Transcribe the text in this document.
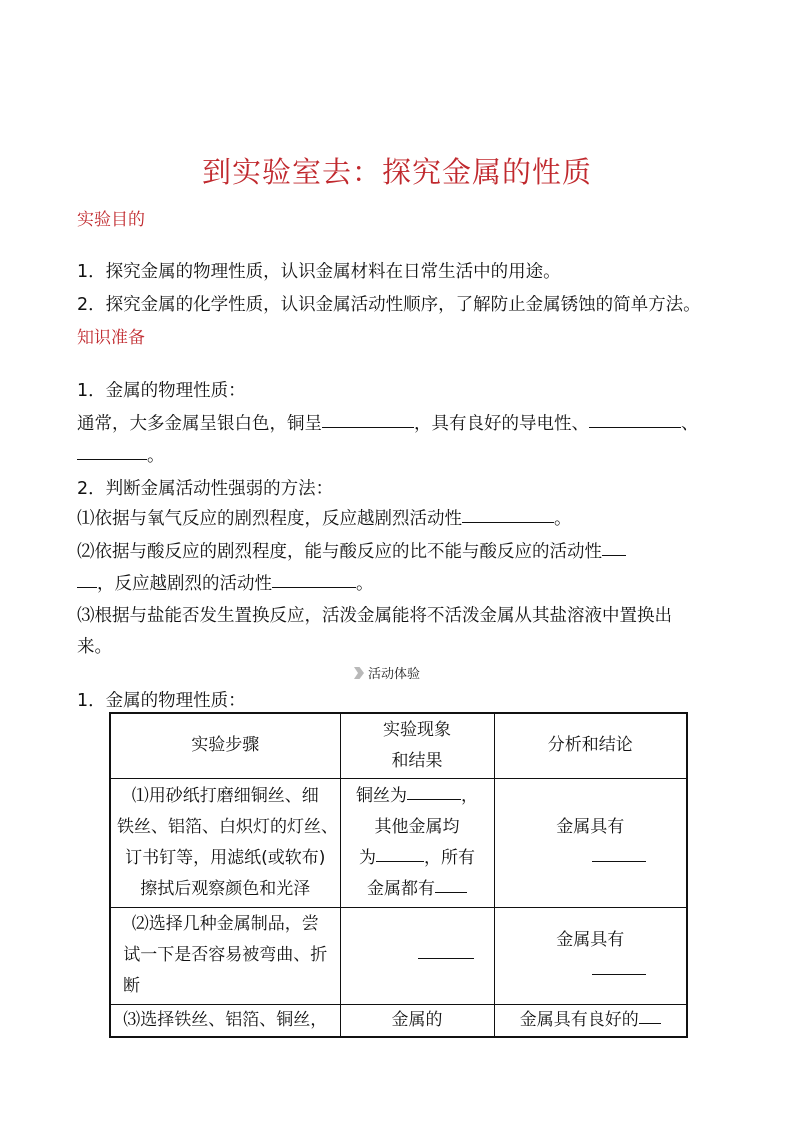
到实验室去：探究金属的性质
实验目的
1．探究金属的物理性质，认识金属材料在日常生活中的用途。
2．探究金属的化学性质，认识金属活动性顺序，了解防止金属锈蚀的简单方法。
知识准备
1．金属的物理性质：
通常，大多金属呈银白色，铜呈	，具有良好的导电性、	、
。
2．判断金属活动性强弱的方法：
⑴依据与氧气反应的剧烈程度，反应越剧烈活动性	。
⑵依据与酸反应的剧烈程度，能与酸反应的比不能与酸反应的活动性
，反应越剧烈的活动性	。
⑶根据与盐能否发生置换反应，活泼金属能将不活泼金属从其盐溶液中置换出
来。
活动体验
1．金属的物理性质：
实验步骤	实验现象
和结果	分析和结论

⑴用砂纸打磨细铜丝、细
铁丝、铝箔、白炽灯的灯丝、
订书钉等，用滤纸(或软布)
擦拭后观察颜色和光泽	铜丝为 ，
其他金属均
为 ，所有
金属都有	金属具有

⑵选择几种金属制品，尝
试一下是否容易被弯曲、折
断		金属具有

⑶选择铁丝、铝箔、铜丝，	金属的	金属具有良好的
